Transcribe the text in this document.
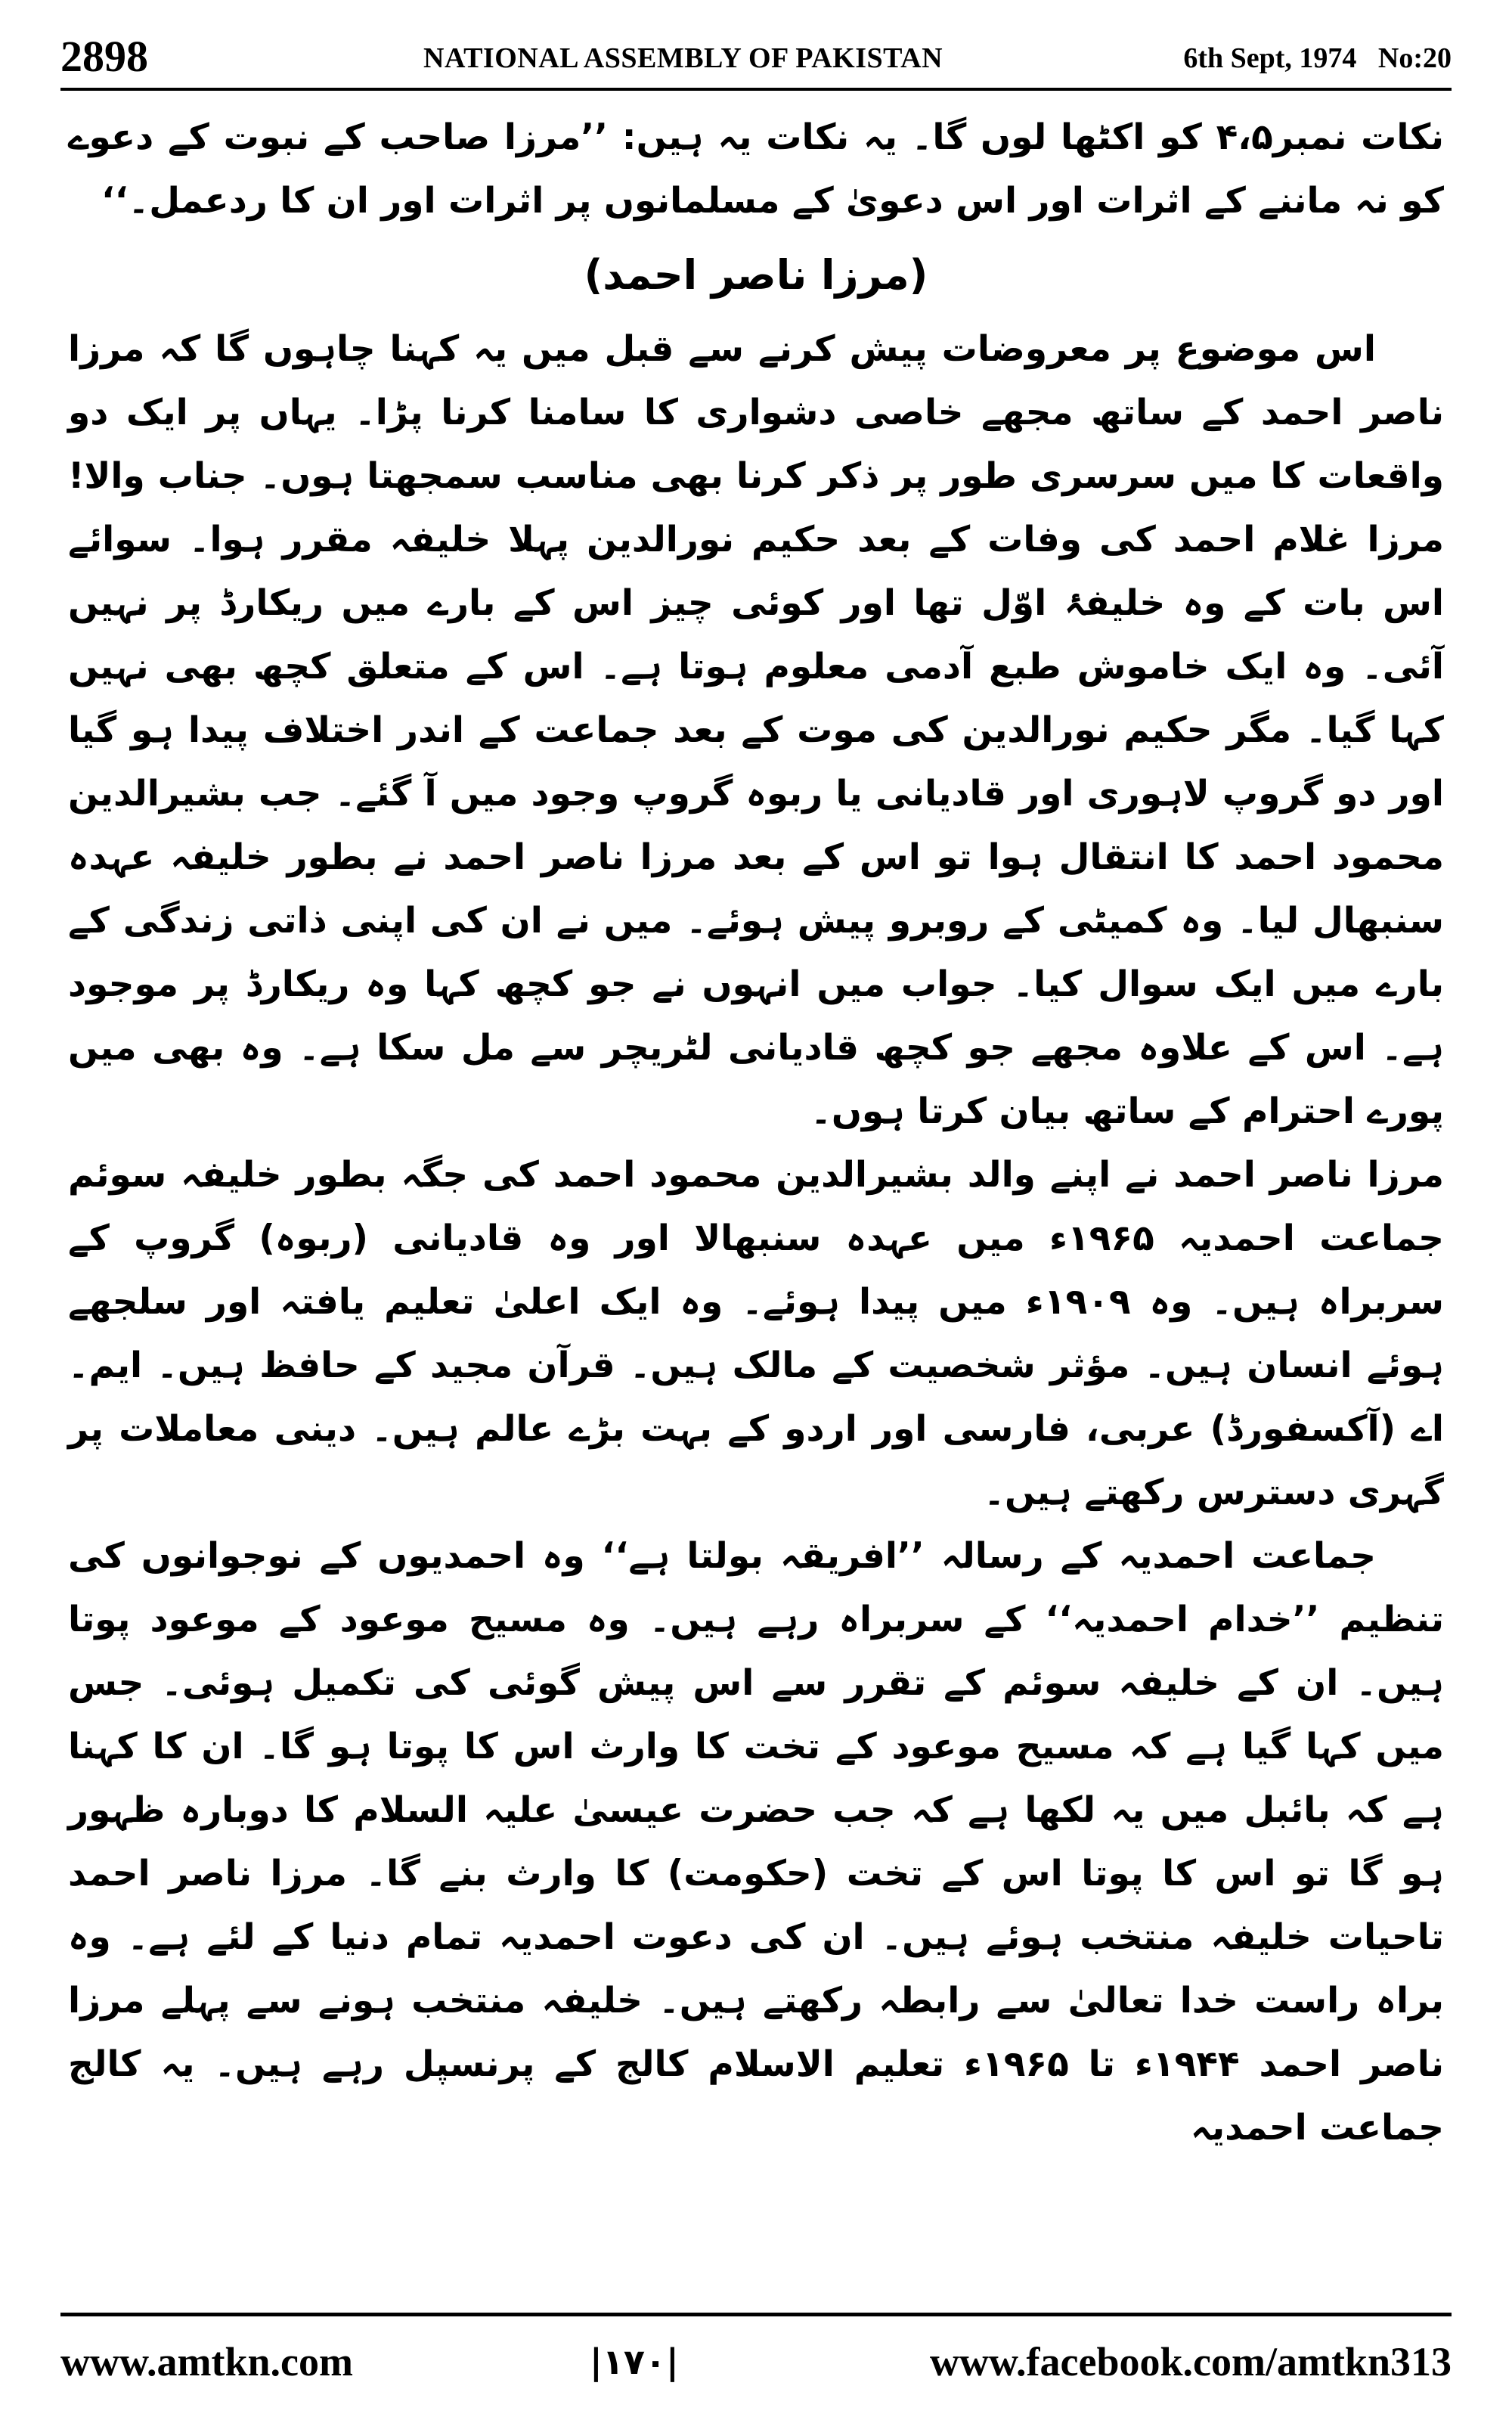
2898	NATIONAL ASSEMBLY OF PAKISTAN	6th Sept, 1974   No:20

نکات نمبر۴،۵ کو اکٹھا لوں گا۔ یہ نکات یہ ہیں: ’’مرزا صاحب کے نبوت کے دعوے کو نہ ماننے کے اثرات اور اس دعویٰ کے مسلمانوں پر اثرات اور ان کا ردعمل۔‘‘

(مرزا ناصر احمد)

اس موضوع پر معروضات پیش کرنے سے قبل میں یہ کہنا چاہوں گا کہ مرزا ناصر احمد کے ساتھ مجھے خاصی دشواری کا سامنا کرنا پڑا۔ یہاں پر ایک دو واقعات کا میں سرسری طور پر ذکر کرنا بھی مناسب سمجھتا ہوں۔ جناب والا! مرزا غلام احمد کی وفات کے بعد حکیم نورالدین پہلا خلیفہ مقرر ہوا۔ سوائے اس بات کے وہ خلیفۂ اوّل تھا اور کوئی چیز اس کے بارے میں ریکارڈ پر نہیں آئی۔ وہ ایک خاموش طبع آدمی معلوم ہوتا ہے۔ اس کے متعلق کچھ بھی نہیں کہا گیا۔ مگر حکیم نورالدین کی موت کے بعد جماعت کے اندر اختلاف پیدا ہو گیا اور دو گروپ لاہوری اور قادیانی یا ربوہ گروپ وجود میں آ گئے۔ جب بشیرالدین محمود احمد کا انتقال ہوا تو اس کے بعد مرزا ناصر احمد نے بطور خلیفہ عہدہ سنبھال لیا۔ وہ کمیٹی کے روبرو پیش ہوئے۔ میں نے ان کی اپنی ذاتی زندگی کے بارے میں ایک سوال کیا۔ جواب میں انہوں نے جو کچھ کہا وہ ریکارڈ پر موجود ہے۔ اس کے علاوہ مجھے جو کچھ قادیانی لٹریچر سے مل سکا ہے۔ وہ بھی میں پورے احترام کے ساتھ بیان کرتا ہوں۔

مرزا ناصر احمد نے اپنے والد بشیرالدین محمود احمد کی جگہ بطور خلیفہ سوئم جماعت احمدیہ ۱۹۶۵ء میں عہدہ سنبھالا اور وہ قادیانی (ربوہ) گروپ کے سربراہ ہیں۔ وہ ۱۹۰۹ء میں پیدا ہوئے۔ وہ ایک اعلیٰ تعلیم یافتہ اور سلجھے ہوئے انسان ہیں۔ مؤثر شخصیت کے مالک ہیں۔ قرآن مجید کے حافظ ہیں۔ ایم۔اے (آکسفورڈ) عربی، فارسی اور اردو کے بہت بڑے عالم ہیں۔ دینی معاملات پر گہری دسترس رکھتے ہیں۔

جماعت احمدیہ کے رسالہ ’’افریقہ بولتا ہے‘‘ وہ احمدیوں کے نوجوانوں کی تنظیم ’’خدام احمدیہ‘‘ کے سربراہ رہے ہیں۔ وہ مسیح موعود کے موعود پوتا ہیں۔ ان کے خلیفہ سوئم کے تقرر سے اس پیش گوئی کی تکمیل ہوئی۔ جس میں کہا گیا ہے کہ مسیح موعود کے تخت کا وارث اس کا پوتا ہو گا۔ ان کا کہنا ہے کہ بائبل میں یہ لکھا ہے کہ جب حضرت عیسیٰ علیہ السلام کا دوبارہ ظہور ہو گا تو اس کا پوتا اس کے تخت (حکومت) کا وارث بنے گا۔ مرزا ناصر احمد تاحیات خلیفہ منتخب ہوئے ہیں۔ ان کی دعوت احمدیہ تمام دنیا کے لئے ہے۔ وہ براہ راست خدا تعالیٰ سے رابطہ رکھتے ہیں۔ خلیفہ منتخب ہونے سے پہلے مرزا ناصر احمد ۱۹۴۴ء تا ۱۹۶۵ء تعلیم الاسلام کالج کے پرنسپل رہے ہیں۔ یہ کالج جماعت احمدیہ

www.amtkn.com	|۱۷۰|	www.facebook.com/amtkn313
